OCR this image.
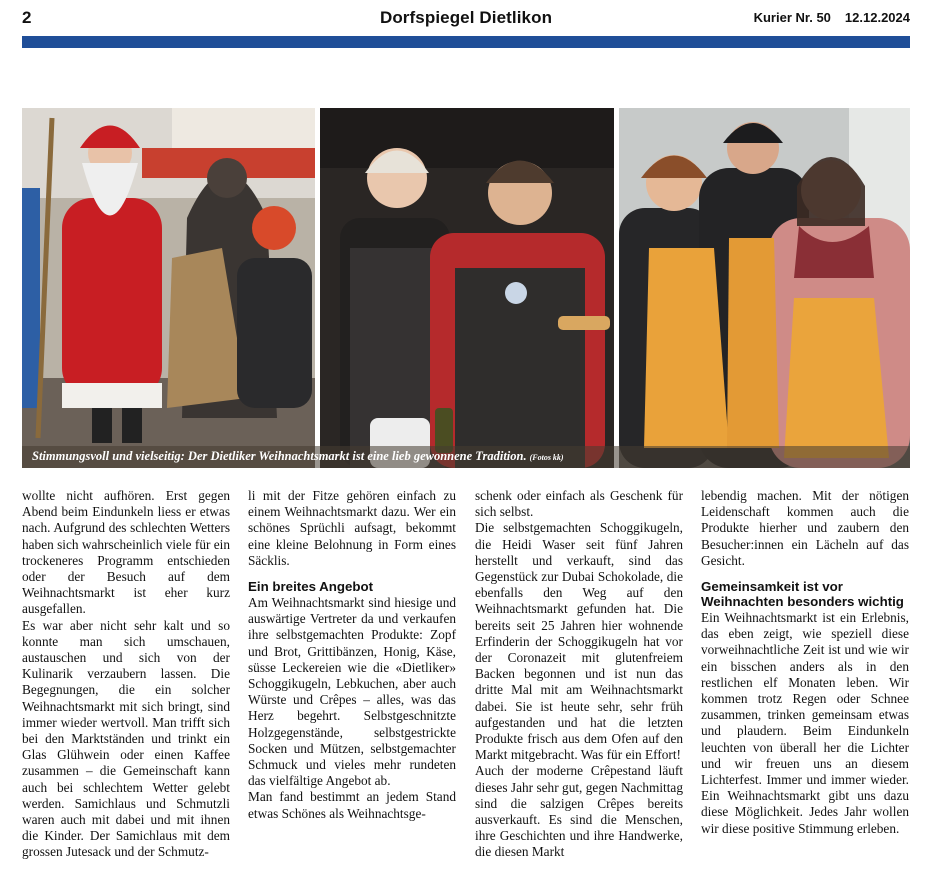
2	Dorfspiegel Dietlikon	Kurier Nr. 50 12.12.2024
Stimmungsvoll und vielseitig: Der Dietliker Weihnachtsmarkt ist eine lieb gewonnene Tradition. (Fotos kk)

wollte nicht aufhören. Erst gegen Abend beim Eindunkeln liess er etwas nach. Aufgrund des schlechten Wetters haben sich wahrscheinlich viele für ein trockeneres Programm entschieden oder der Besuch auf dem Weihnachtsmarkt ist eher kurz ausgefallen.

Es war aber nicht sehr kalt und so konnte man sich umschauen, austauschen und sich von der Kulinarik verzaubern lassen. Die Begegnungen, die ein solcher Weihnachtsmarkt mit sich bringt, sind immer wieder wertvoll. Man trifft sich bei den Marktständen und trinkt ein Glas Glühwein oder einen Kaffee zusammen – die Gemeinschaft kann auch bei schlechtem Wetter gelebt werden. Samichlaus und Schmutzli waren auch mit dabei und mit ihnen die Kinder. Der Samichlaus mit dem grossen Jutesack und der Schmutz-

li mit der Fitze gehören einfach zu einem Weihnachtsmarkt dazu. Wer ein schönes Sprüchli aufsagt, bekommt eine kleine Belohnung in Form eines Säcklis.

Ein breites Angebot

Am Weihnachtsmarkt sind hiesige und auswärtige Vertreter da und verkaufen ihre selbstgemachten Produkte: Zopf und Brot, Grittibänzen, Honig, Käse, süsse Leckereien wie die «Dietliker» Schoggikugeln, Lebkuchen, aber auch Würste und Crêpes – alles, was das Herz begehrt. Selbstgeschnitzte Holzgegenstände, selbstgestrickte Socken und Mützen, selbstgemachter Schmuck und vieles mehr rundeten das vielfältige Angebot ab.

Man fand bestimmt an jedem Stand etwas Schönes als Weihnachtsge-

schenk oder einfach als Geschenk für sich selbst.

Die selbstgemachten Schoggikugeln, die Heidi Waser seit fünf Jahren herstellt und verkauft, sind das Gegenstück zur Dubai Schokolade, die ebenfalls den Weg auf den Weihnachtsmarkt gefunden hat. Die bereits seit 25 Jahren hier wohnende Erfinderin der Schoggikugeln hat vor der Coronazeit mit glutenfreiem Backen begonnen und ist nun das dritte Mal mit am Weihnachtsmarkt dabei. Sie ist heute sehr, sehr früh aufgestanden und hat die letzten Produkte frisch aus dem Ofen auf den Markt mitgebracht. Was für ein Effort!

Auch der moderne Crêpestand läuft dieses Jahr sehr gut, gegen Nachmittag sind die salzigen Crêpes bereits ausverkauft. Es sind die Menschen, ihre Geschichten und ihre Handwerke, die diesen Markt

lebendig machen. Mit der nötigen Leidenschaft kommen auch die Produkte hierher und zaubern den Besucher:innen ein Lächeln auf das Gesicht.

Gemeinsamkeit ist vor Weihnachten besonders wichtig

Ein Weihnachtsmarkt ist ein Erlebnis, das eben zeigt, wie speziell diese vorweihnachtliche Zeit ist und wie wir ein bisschen anders als in den restlichen elf Monaten leben. Wir kommen trotz Regen oder Schnee zusammen, trinken gemeinsam etwas und plaudern. Beim Eindunkeln leuchten von überall her die Lichter und wir freuen uns an diesem Lichterfest. Immer und immer wieder. Ein Weihnachtsmarkt gibt uns dazu diese Möglichkeit. Jedes Jahr wollen wir diese positive Stimmung erleben.
